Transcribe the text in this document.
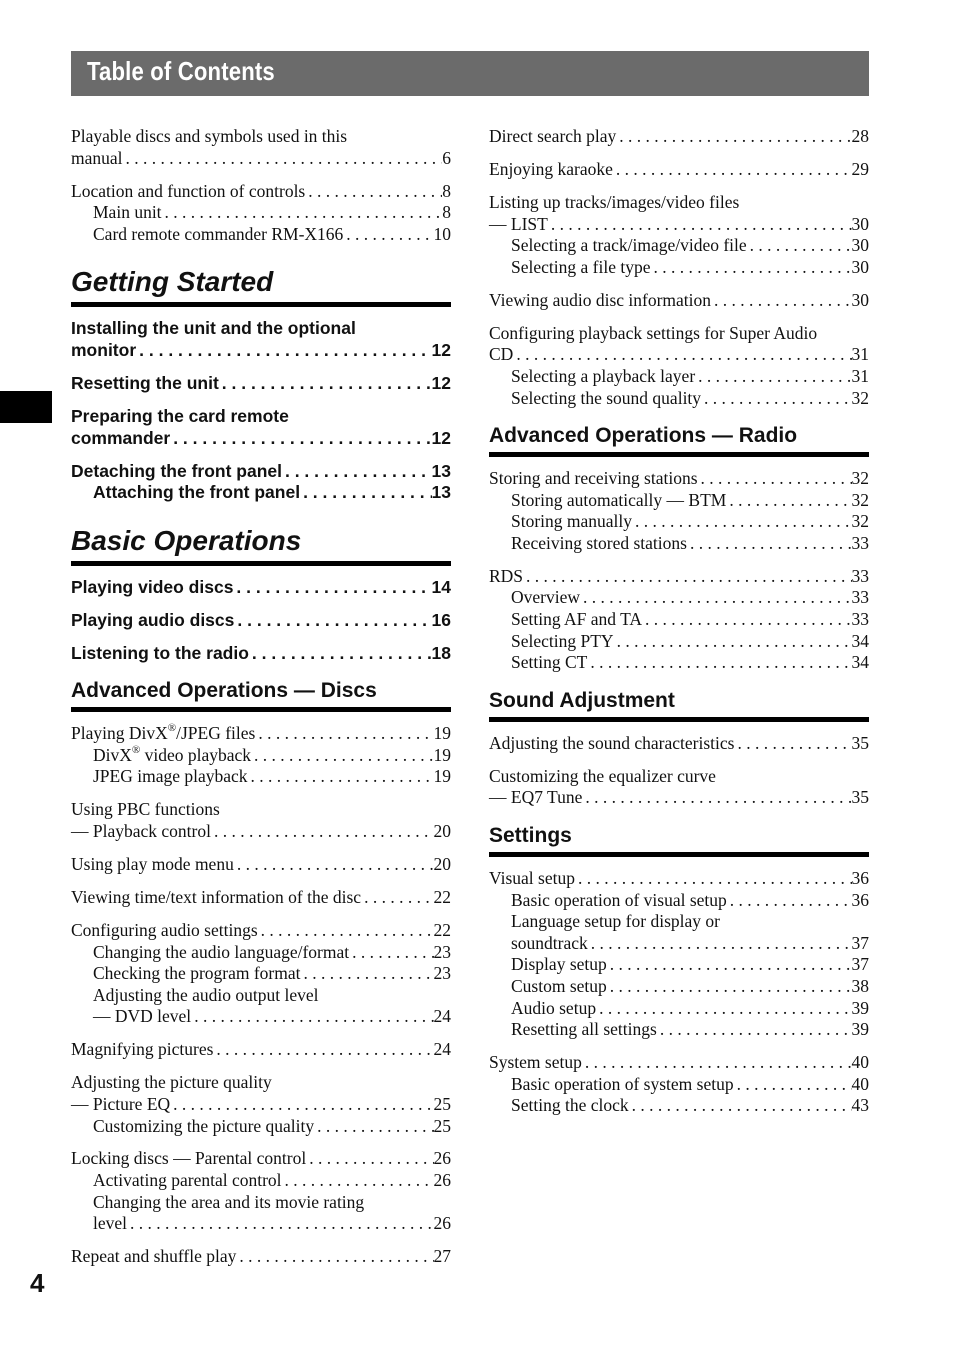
Table of Contents
Playable discs and symbols used in this
manual . . .	6
Location and function of controls . . .	8
Main unit . . .	8
Card remote commander RM-X166 . . .	10
Getting Started
Installing the unit and the optional
monitor . . .	12
Resetting the unit . . .	12
Preparing the card remote
commander . . .	12
Detaching the front panel . . .	13
Attaching the front panel . . .	13
Basic Operations
Playing video discs . . .	14
Playing audio discs . . .	16
Listening to the radio . . .	18
Advanced Operations — Discs
Playing DivX®/JPEG files . . .	19
DivX® video playback . . .	19
JPEG image playback . . .	19
Using PBC functions
— Playback control . . .	20
Using play mode menu . . .	20
Viewing time/text information of the disc . . .	22
Configuring audio settings . . .	22
Changing the audio language/format . . .	23
Checking the program format . . .	23
Adjusting the audio output level
— DVD level . . .	24
Magnifying pictures . . .	24
Adjusting the picture quality
— Picture EQ . . .	25
Customizing the picture quality . . .	25
Locking discs — Parental control . . .	26
Activating parental control . . .	26
Changing the area and its movie rating
level . . .	26
Repeat and shuffle play . . .	27
Direct search play . . .	28
Enjoying karaoke . . .	29
Listing up tracks/images/video files
— LIST . . .	30
Selecting a track/image/video file . . .	30
Selecting a file type . . .	30
Viewing audio disc information . . .	30
Configuring playback settings for Super Audio
CD . . .	31
Selecting a playback layer . . .	31
Selecting the sound quality . . .	32
Advanced Operations — Radio
Storing and receiving stations . . .	32
Storing automatically — BTM . . .	32
Storing manually . . .	32
Receiving stored stations . . .	33
RDS . . .	33
Overview . . .	33
Setting AF and TA . . .	33
Selecting PTY . . .	34
Setting CT . . .	34
Sound Adjustment
Adjusting the sound characteristics . . .	35
Customizing the equalizer curve
— EQ7 Tune . . .	35
Settings
Visual setup . . .	36
Basic operation of visual setup . . .	36
Language setup for display or
soundtrack . . .	37
Display setup . . .	37
Custom setup . . .	38
Audio setup . . .	39
Resetting all settings . . .	39
System setup . . .	40
Basic operation of system setup . . .	40
Setting the clock . . .	43
4
